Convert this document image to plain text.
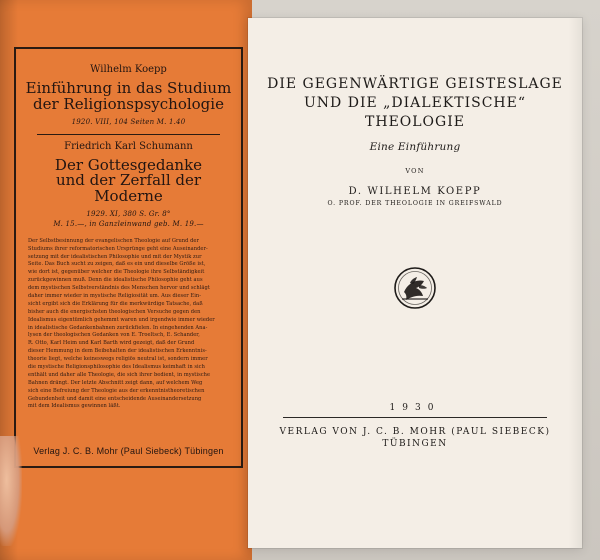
Wilhelm Koepp
Einführung in das Studium
der Religionspsychologie
1920. VIII, 104 Seiten M. 1.40
Friedrich Karl Schumann
Der Gottesgedanke
und der Zerfall der Moderne
1929. XI, 380 S. Gr. 8°
M. 15.—, in Ganzleinwand geb. M. 19.—
Der Selbstbesinnung der evangelischen Theologie auf Grund der
Studiums ihrer reformatorischen Ursprünge geht eine Auseinander-
setzung mit der idealistischen Philosophie und mit der Mystik zur
Seite. Das Buch sucht zu zeigen, daß es ein und dieselbe Größe ist,
wie dort ist, gegenüber welcher die Theologie ihre Selbständigkeit
zurückgewinnen muß. Denn die idealistische Philosophie geht aus
dem mystischen Selbstverständnis des Menschen hervor und schlägt
daher immer wieder in mystische Religiosität um. Aus dieser Ein-
sicht ergibt sich die Erklärung für die merkwürdige Tatsache, daß
bisher auch die energischsten theologischen Versuche gegen den
Idealismus eigentümlich gehemmt waren und irgendwie immer wieder
in idealistische Gedankenbahnen zurückfielen. In eingehenden Ana-
lysen der theologischen Gedanken von E. Troeltsch, E. Schander,
R. Otto, Karl Heim und Karl Barth wird gezeigt, daß der Grund
dieser Hemmung in dem Beibehalten der idealistischen Erkenntnis-
theorie liegt, welche keineswegs religiös neutral ist, sondern immer
die mystische Religionsphilosophie des Idealismus keimhaft in sich
enthält und daher alle Theologie, die sich ihrer bedient, in mystische
Bahnen drängt. Der letzte Abschnitt zeigt dann, auf welchem Weg
sich eine Befreiung der Theologie aus der erkenntnistheoretischen
Gebundenheit und damit eine entscheidende Auseinandersetzung
mit dem Idealismus gewinnen läßt.
Verlag J. C. B. Mohr (Paul Siebeck) Tübingen
DIE GEGENWÄRTIGE GEISTESLAGE
UND DIE „DIALEKTISCHE“
THEOLOGIE
Eine Einführung
VON
D. WILHELM KOEPP
O. PROF. DER THEOLOGIE IN GREIFSWALD
1930
VERLAG VON J. C. B. MOHR (PAUL SIEBECK)
TÜBINGEN
